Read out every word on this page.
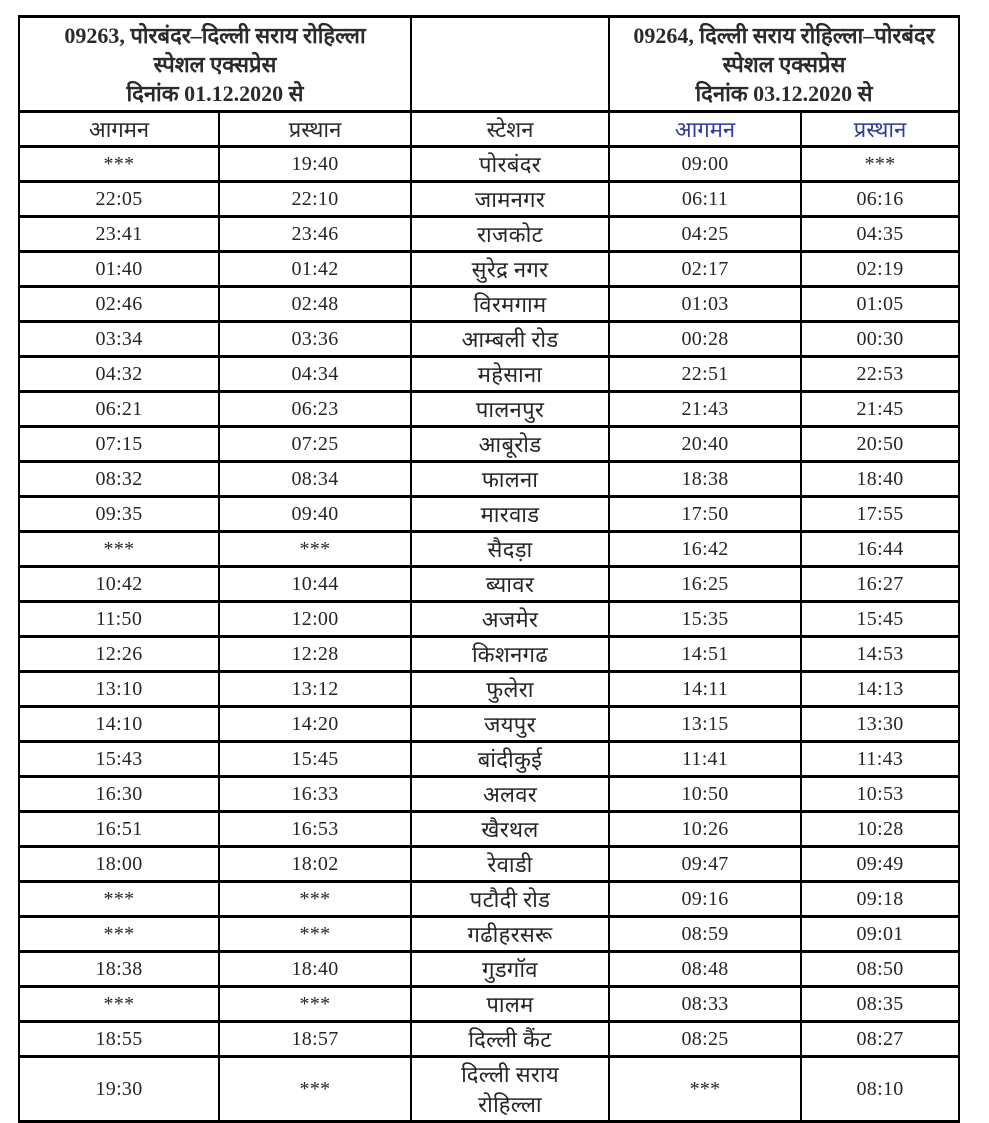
09263, पोरबंदर–दिल्ली सराय रोहिल्ला
स्पेशल एक्सप्रेस
दिनांक 01.12.2020 से

09264, दिल्ली सराय रोहिल्ला–पोरबंदर
स्पेशल एक्सप्रेस
दिनांक 03.12.2020 से

आगमन	प्रस्थान	स्टेशन	आगमन	प्रस्थान
***	19:40	पोरबंदर	09:00	***
22:05	22:10	जामनगर	06:11	06:16
23:41	23:46	राजकोट	04:25	04:35
01:40	01:42	सुरेद्र नगर	02:17	02:19
02:46	02:48	विरमगाम	01:03	01:05
03:34	03:36	आम्बली रोड	00:28	00:30
04:32	04:34	महेसाना	22:51	22:53
06:21	06:23	पालनपुर	21:43	21:45
07:15	07:25	आबूरोड	20:40	20:50
08:32	08:34	फालना	18:38	18:40
09:35	09:40	मारवाड	17:50	17:55
***	***	सैदड़ा	16:42	16:44
10:42	10:44	ब्यावर	16:25	16:27
11:50	12:00	अजमेर	15:35	15:45
12:26	12:28	किशनगढ	14:51	14:53
13:10	13:12	फुलेरा	14:11	14:13
14:10	14:20	जयपुर	13:15	13:30
15:43	15:45	बांदीकुई	11:41	11:43
16:30	16:33	अलवर	10:50	10:53
16:51	16:53	खैरथल	10:26	10:28
18:00	18:02	रेवाडी	09:47	09:49
***	***	पटौदी रोड	09:16	09:18
***	***	गढीहरसरू	08:59	09:01
18:38	18:40	गुडगॉव	08:48	08:50
***	***	पालम	08:33	08:35
18:55	18:57	दिल्ली कैंट	08:25	08:27
19:30	***	दिल्ली सराय रोहिल्ला	***	08:10
